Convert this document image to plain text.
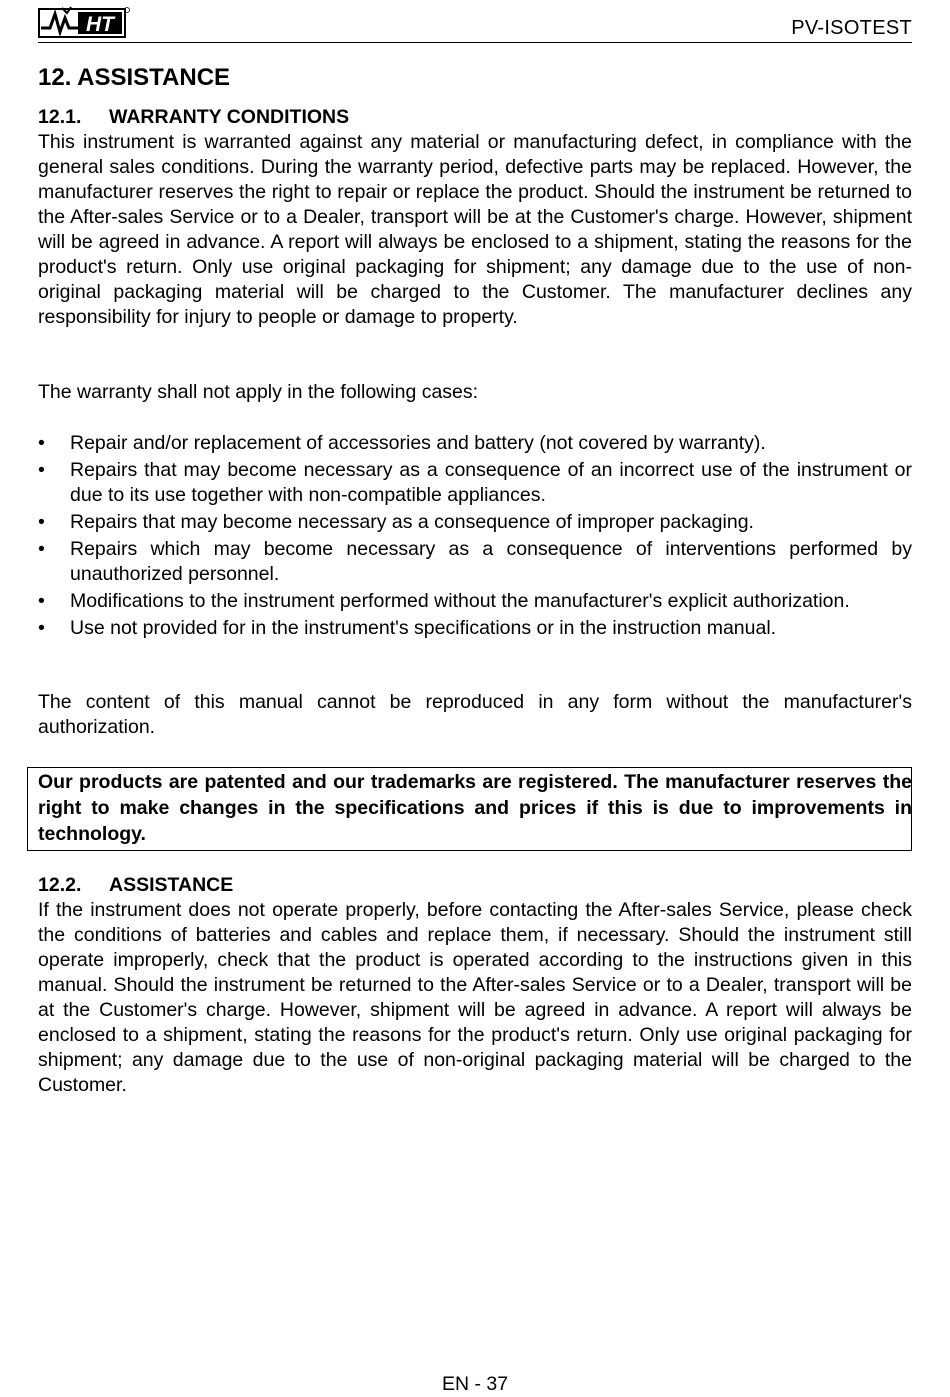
HT	PV-ISOTEST
12. ASSISTANCE
12.1. WARRANTY CONDITIONS

This instrument is warranted against any material or manufacturing defect, in compliance with the general sales conditions. During the warranty period, defective parts may be replaced. However, the manufacturer reserves the right to repair or replace the product. Should the instrument be returned to the After-sales Service or to a Dealer, transport will be at the Customer's charge. However, shipment will be agreed in advance. A report will always be enclosed to a shipment, stating the reasons for the product's return. Only use original packaging for shipment; any damage due to the use of non-original packaging material will be charged to the Customer. The manufacturer declines any responsibility for injury to people or damage to property.

The warranty shall not apply in the following cases:

•	Repair and/or replacement of accessories and battery (not covered by warranty).
•	Repairs that may become necessary as a consequence of an incorrect use of the instrument or due to its use together with non-compatible appliances.
•	Repairs that may become necessary as a consequence of improper packaging.
•	Repairs which may become necessary as a consequence of interventions performed by unauthorized personnel.
•	Modifications to the instrument performed without the manufacturer's explicit authorization.
•	Use not provided for in the instrument's specifications or in the instruction manual.

The content of this manual cannot be reproduced in any form without the manufacturer's authorization.

Our products are patented and our trademarks are registered. The manufacturer reserves the right to make changes in the specifications and prices if this is due to improvements in technology.
12.2. ASSISTANCE

If the instrument does not operate properly, before contacting the After-sales Service, please check the conditions of batteries and cables and replace them, if necessary. Should the instrument still operate improperly, check that the product is operated according to the instructions given in this manual. Should the instrument be returned to the After-sales Service or to a Dealer, transport will be at the Customer's charge. However, shipment will be agreed in advance. A report will always be enclosed to a shipment, stating the reasons for the product's return. Only use original packaging for shipment; any damage due to the use of non-original packaging material will be charged to the Customer.

EN - 37
